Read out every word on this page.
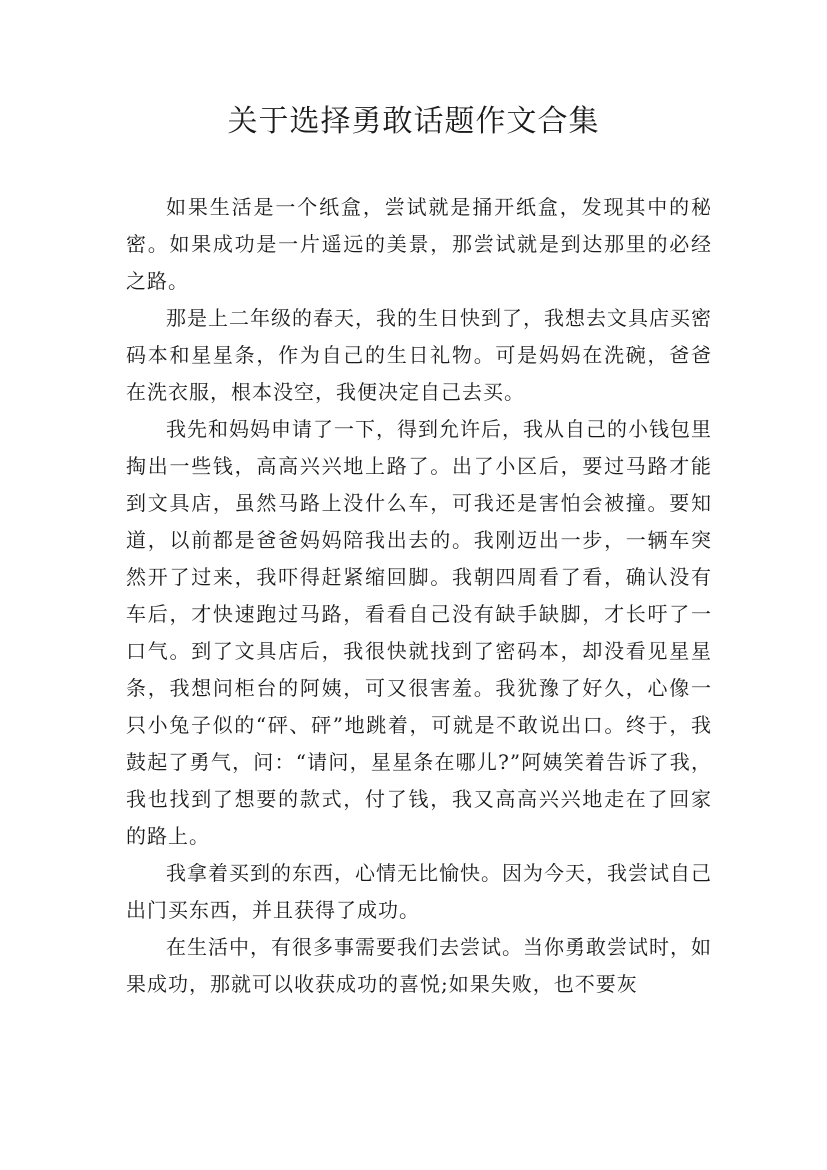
关于选择勇敢话题作文合集

如果生活是一个纸盒，尝试就是捅开纸盒，发现其中的秘密。如果成功是一片遥远的美景，那尝试就是到达那里的必经之路。

那是上二年级的春天，我的生日快到了，我想去文具店买密码本和星星条，作为自己的生日礼物。可是妈妈在洗碗，爸爸在洗衣服，根本没空，我便决定自己去买。

我先和妈妈申请了一下，得到允许后，我从自己的小钱包里掏出一些钱，高高兴兴地上路了。出了小区后，要过马路才能到文具店，虽然马路上没什么车，可我还是害怕会被撞。要知道，以前都是爸爸妈妈陪我出去的。我刚迈出一步，一辆车突然开了过来，我吓得赶紧缩回脚。我朝四周看了看，确认没有车后，才快速跑过马路，看看自己没有缺手缺脚，才长吁了一口气。到了文具店后，我很快就找到了密码本，却没看见星星条，我想问柜台的阿姨，可又很害羞。我犹豫了好久，心像一只小兔子似的“砰、砰”地跳着，可就是不敢说出口。终于，我鼓起了勇气，问：“请问，星星条在哪儿?”阿姨笑着告诉了我，我也找到了想要的款式，付了钱，我又高高兴兴地走在了回家的路上。

我拿着买到的东西，心情无比愉快。因为今天，我尝试自己出门买东西，并且获得了成功。

在生活中，有很多事需要我们去尝试。当你勇敢尝试时，如果成功，那就可以收获成功的喜悦;如果失败，也不要灰
